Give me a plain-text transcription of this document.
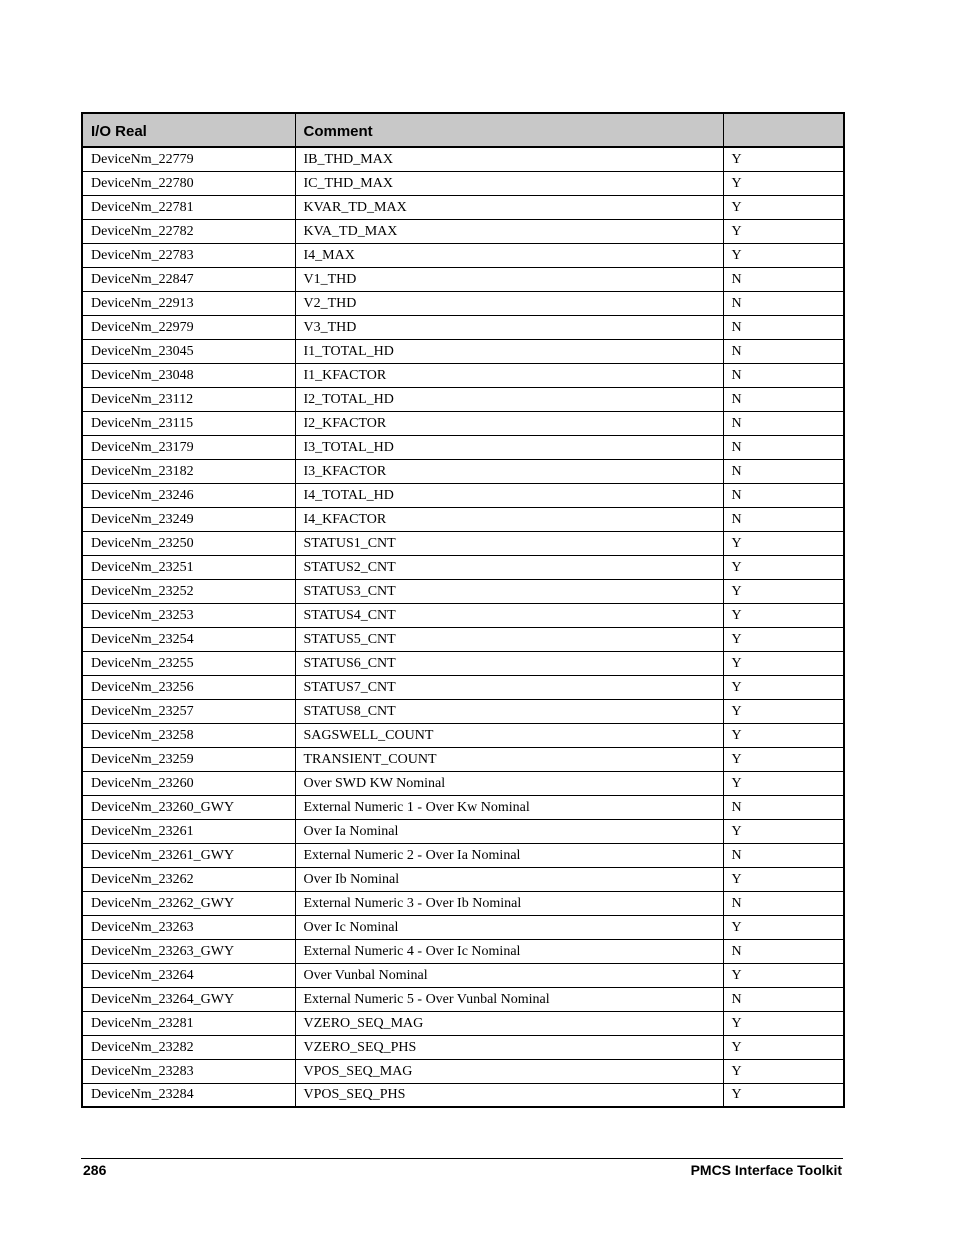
I/O Real	Comment	
DeviceNm_22779	IB_THD_MAX	Y
DeviceNm_22780	IC_THD_MAX	Y
DeviceNm_22781	KVAR_TD_MAX	Y
DeviceNm_22782	KVA_TD_MAX	Y
DeviceNm_22783	I4_MAX	Y
DeviceNm_22847	V1_THD	N
DeviceNm_22913	V2_THD	N
DeviceNm_22979	V3_THD	N
DeviceNm_23045	I1_TOTAL_HD	N
DeviceNm_23048	I1_KFACTOR	N
DeviceNm_23112	I2_TOTAL_HD	N
DeviceNm_23115	I2_KFACTOR	N
DeviceNm_23179	I3_TOTAL_HD	N
DeviceNm_23182	I3_KFACTOR	N
DeviceNm_23246	I4_TOTAL_HD	N
DeviceNm_23249	I4_KFACTOR	N
DeviceNm_23250	STATUS1_CNT	Y
DeviceNm_23251	STATUS2_CNT	Y
DeviceNm_23252	STATUS3_CNT	Y
DeviceNm_23253	STATUS4_CNT	Y
DeviceNm_23254	STATUS5_CNT	Y
DeviceNm_23255	STATUS6_CNT	Y
DeviceNm_23256	STATUS7_CNT	Y
DeviceNm_23257	STATUS8_CNT	Y
DeviceNm_23258	SAGSWELL_COUNT	Y
DeviceNm_23259	TRANSIENT_COUNT	Y
DeviceNm_23260	Over SWD KW Nominal	Y
DeviceNm_23260_GWY	External Numeric 1 - Over Kw Nominal	N
DeviceNm_23261	Over Ia Nominal	Y
DeviceNm_23261_GWY	External Numeric 2 - Over Ia Nominal	N
DeviceNm_23262	Over Ib Nominal	Y
DeviceNm_23262_GWY	External Numeric 3 - Over Ib Nominal	N
DeviceNm_23263	Over Ic Nominal	Y
DeviceNm_23263_GWY	External Numeric 4 - Over Ic Nominal	N
DeviceNm_23264	Over Vunbal Nominal	Y
DeviceNm_23264_GWY	External Numeric 5 - Over Vunbal Nominal	N
DeviceNm_23281	VZERO_SEQ_MAG	Y
DeviceNm_23282	VZERO_SEQ_PHS	Y
DeviceNm_23283	VPOS_SEQ_MAG	Y
DeviceNm_23284	VPOS_SEQ_PHS	Y
286	PMCS Interface Toolkit
